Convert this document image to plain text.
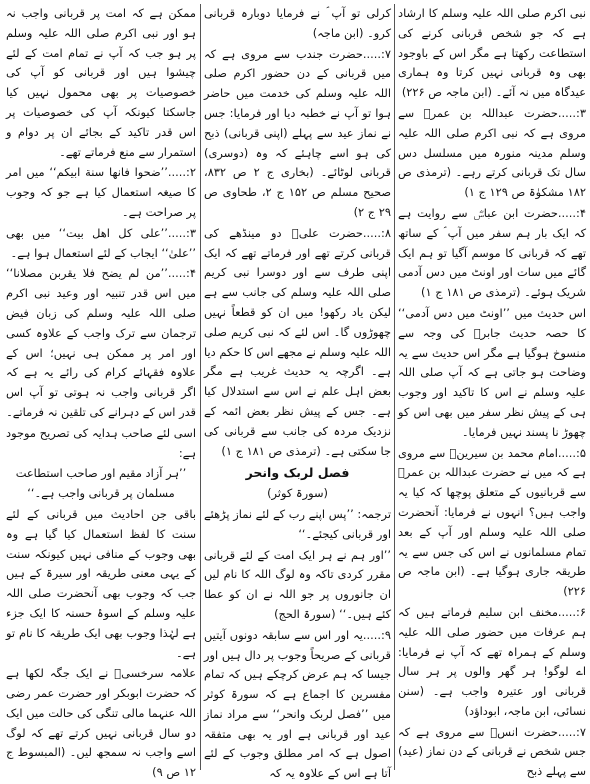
نبی اکرم صلی اللہ علیہ وسلم کا ارشاد ہے کہ جو شخص قربانی کرنے کی استطاعت رکھتا ہے مگر اس کے باوجود بھی وہ قربانی نہیں کرتا وہ ہماری عیدگاہ میں نہ آئے۔ (ابن ماجہ ص ۲۲۶)

۳:.....حضرت عبداللہ بن عمرؓ سے مروی ہے کہ نبی اکرم صلی اللہ علیہ وسلم مدینہ منورہ میں مسلسل دس سال تک قربانی کرتے رہے۔ (ترمذی ص ۱۸۲ مشکوٰۃ ص ۱۲۹ ج ۱)

۴:.....حضرت ابن عباسؓ سے روایت ہے کہ ایک بار ہم سفر میں آپ ؐ کے ساتھ تھے کہ قربانی کا موسم آگیا تو ہم ایک گائے میں سات اور اونٹ میں دس آدمی شریک ہوئے۔ (ترمذی ص ۱۸۱ ج ۱)

اس حدیث میں ’’اونٹ میں دس آدمی‘‘ کا حصہ حدیث جابرؓ کی وجہ سے منسوخ ہوگیا ہے مگر اس حدیث سے یہ وضاحت ہو جاتی ہے کہ آپ صلی اللہ علیہ وسلم نے اس کا تاکید اور وجوب ہی کے پیش نظر سفر میں بھی اس کو چھوڑ نا پسند نہیں فرمایا۔

۵:.....امام محمد بن سیرینؒ سے مروی ہے کہ میں نے حضرت عبداللہ بن عمرؓ سے قربانیوں کے متعلق پوچھا کہ کیا یہ واجب ہیں؟ انہوں نے فرمایا: آنحضرت صلی اللہ علیہ وسلم اور آپ کے بعد تمام مسلمانوں نے اس کی جس سے یہ طریقہ جاری ہوگیا ہے۔ (ابن ماجہ ص ۲۲۶)

۶:.....مخنف ابن سلیم فرماتے ہیں کہ ہم عرفات میں حضور صلی اللہ علیہ وسلم کے ہمراہ تھے کہ آپ نے فرمایا: اے لوگو! ہر گھر والوں پر ہر سال قربانی اور عتیرہ واجب ہے۔ (سنن نسائی، ابن ماجہ، ابوداؤد)

۷:.....حضرت انسؓ سے مروی ہے کہ جس شخص نے قربانی کے دن نماز (عید) سے پہلے ذبح

کرلی تو آپ ؐ نے فرمایا دوبارہ قربانی کرو۔ (ابن ماجہ)

۷:.....حضرت جندب سے مروی ہے کہ میں قربانی کے دن حضور اکرم صلی اللہ علیہ وسلم کی خدمت میں حاضر ہوا تو آپ نے خطبہ دیا اور فرمایا: جس نے نماز عید سے پہلے (اپنی قربانی) ذبح کی ہو اسے چاہئے کہ وہ (دوسری) قربانی لوٹائے۔ (بخاری ج ۲ ص ۸۳۲، صحیح مسلم ص ۱۵۲ ج ۲، طحاوی ص ۲۹ ج ۲)

۸:.....حضرت علیؓ دو مینڈھے کی قربانی کرتے تھے اور فرماتے تھے کہ ایک اپنی طرف سے اور دوسرا نبی کریم صلی اللہ علیہ وسلم کی جانب سے ہے لیکن یاد رکھو! میں ان کو قطعاً نہیں چھوڑوں گا۔ اس لئے کہ نبی کریم صلی اللہ علیہ وسلم نے مجھے اس کا حکم دیا ہے۔ اگرچہ یہ حدیث غریب ہے مگر بعض اہل علم نے اس سے استدلال کیا ہے۔ جس کے پیش نظر بعض ائمہ کے نزدیک مردہ کی جانب سے قربانی کی جا سکتی ہے۔ (ترمذی ص ۱۸۱ ج ۱)

فصل لربک وانحر

(سورۃ کوثر)

ترجمہ: ’’پس اپنے رب کے لئے نماز پڑھئے اور قربانی کیجئے۔‘‘

’’اور ہم نے ہر ایک امت کے لئے قربانی مقرر کردی تاکہ وہ لوگ اللہ کا نام لیں ان جانوروں پر جو اللہ نے ان کو عطا کئے ہیں۔‘‘ (سورۃ الحج)

۹:.....یہ اور اس سے سابقہ دونوں آیتیں قربانی کے صریحاً وجوب پر دال ہیں اور جیسا کہ ہم عرض کرچکے ہیں کہ تمام مفسرین کا اجماع ہے کہ سورۃ کوثر میں ’’فصل لربک وانحر‘‘ سے مراد نماز عید اور قربانی ہے اور یہ بھی متفقہ اصول ہے کہ امر مطلق وجوب کے لئے آتا ہے اس کے علاوہ یہ کہ

ممکن ہے کہ امت پر قربانی واجب نہ ہو اور نبی اکرم صلی اللہ علیہ وسلم پر ہو جب کہ آپ نے تمام امت کے لئے چیشوا ہیں اور قربانی کو آپ کی خصوصیات پر بھی محمول نہیں کیا جاسکتا کیونکہ آپ کی خصوصیات پر اس قدر تاکید کے بجائے ان پر دوام و استمرار سے منع فرماتے تھے۔

۲:.....’’ضحوا فانها سنة ابيكم‘‘ میں امر کا صیغہ استعمال کیا ہے جو کہ وجوب پر صراحت ہے۔

۳:.....’’على كل اهل بيت‘‘ میں بھی ’’علیٰ‘‘ ایجاب کے لئے استعمال ہوا ہے۔

۴:.....’’من لم يضح فلا يقربن مصلانا‘‘ میں اس قدر تنبیہ اور وعید نبی اکرم صلی اللہ علیہ وسلم کی زبان فیض ترجمان سے ترک واجب کے علاوہ کسی اور امر پر ممکن ہی نہیں؛ اس کے علاوہ فقہائے کرام کی رائے یہ ہے کہ اگر قربانی واجب نہ ہوتی تو آپ اس قدر اس کے دہرانے کی تلقین نہ فرماتے۔

اسی لئے صاحب ہدایہ کی تصریح موجود ہے:

’’ہر آزاد مقیم اور صاحب استطاعت مسلمان پر قربانی واجب ہے۔‘‘

باقی جن احادیث میں قربانی کے لئے سنت کا لفظ استعمال کیا گیا ہے وہ بھی وجوب کے منافی نہیں کیونکہ سنت کے یہی معنی طریقہ اور سیرۃ کے ہیں جب کہ وجوب بھی آنحضرت صلی اللہ علیہ وسلم کے اسوۂ حسنہ کا ایک جزء ہے لہٰذا وجوب بھی ایک طریقہ کا نام تو ہے۔

علامہ سرخسیؒ نے ایک جگہ لکھا ہے کہ حضرت ابوبکر اور حضرت عمر رضی اللہ عنہما مالی تنگی کی حالت میں ایک دو سال قربانی نہیں کرتے تھے کہ لوگ اسے واجب نہ سمجھ لیں۔ (المبسوط ج ۱۲ ص ۹)
